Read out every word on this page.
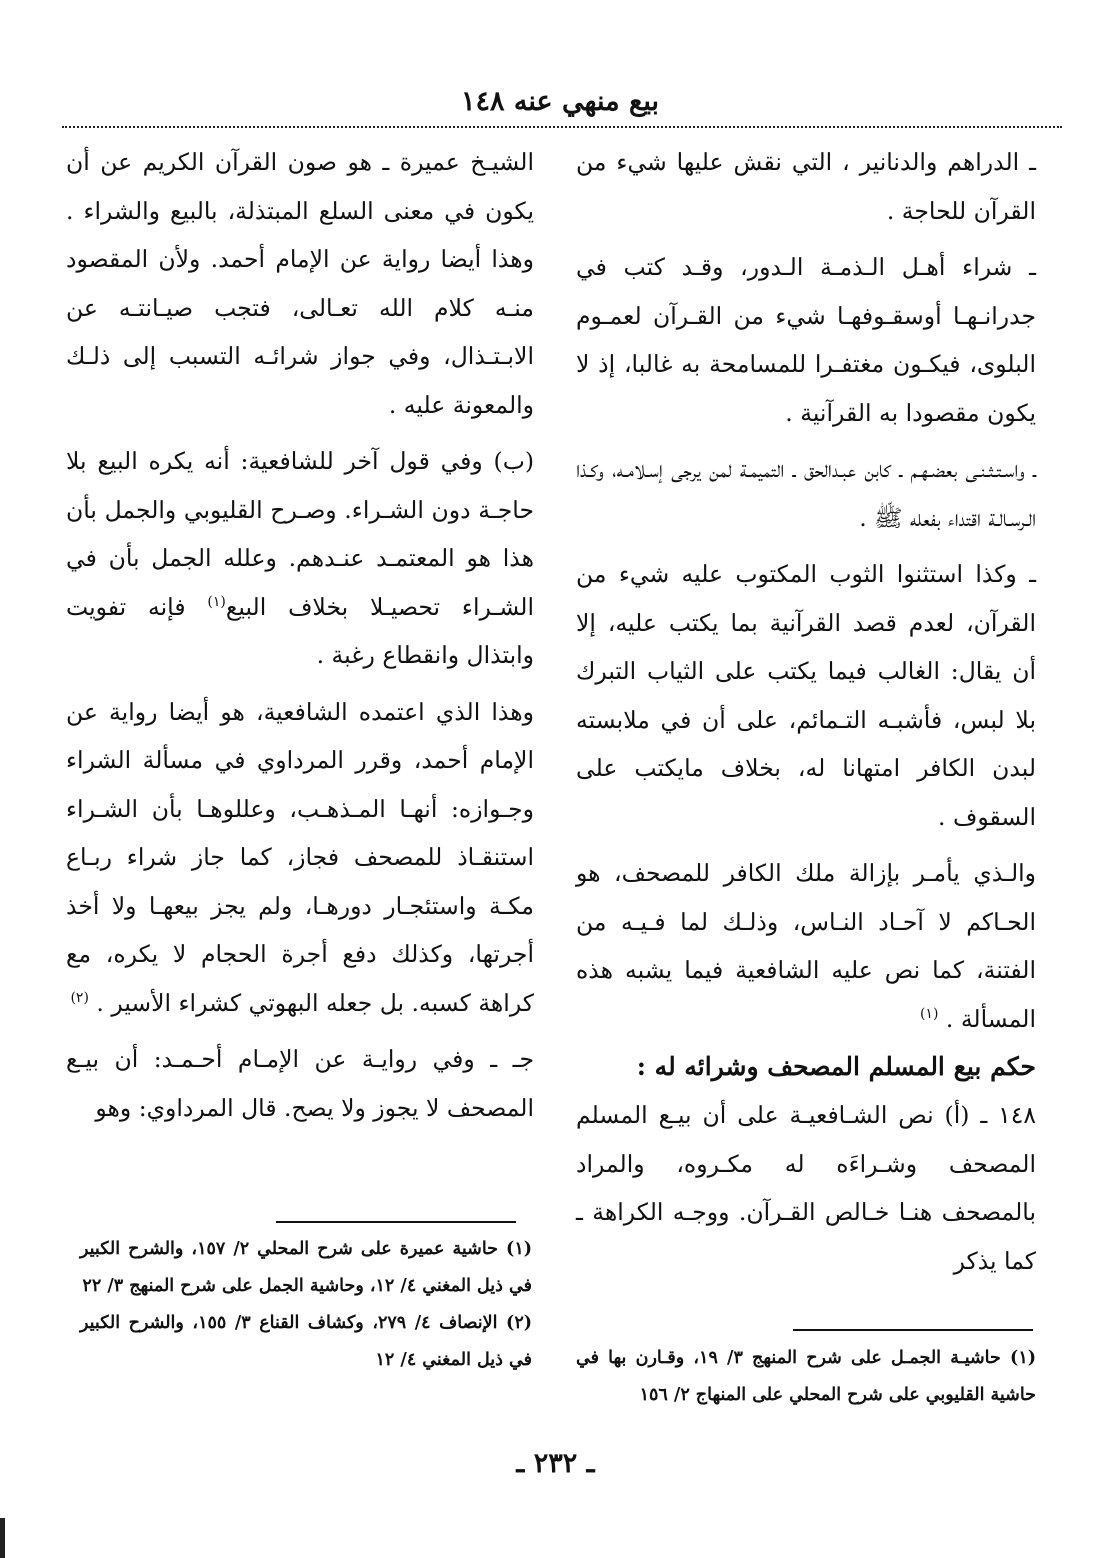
بيع منهي عنه ١٤٨

ـ الدراهم والدنانير ، التي نقش عليها شيء من القرآن للحاجة .

ـ شراء أهـل الـذمـة الـدور، وقـد كتب في جدرانـهـا أوسقـوفهـا شيء من القـرآن لعمـوم البلوى، فيكـون مغتفـرا للمسامحة به غالبا، إذ لا يكون مقصودا به القرآنية .

ـ واسـتـثـنـى بعضـهـم ـ كابن عبـدالحق ـ التميمـة لمن يرجى إسـلامـه، وكـذا الـرسـالـة اقتداء بفعله ﷺ .

ـ وكذا استثنوا الثوب المكتوب عليه شيء من القرآن، لعدم قصد القرآنية بما يكتب عليه، إلا أن يقال: الغالب فيما يكتب على الثياب التبرك بلا لبس، فأشبـه التـمائم، على أن في ملابسته لبدن الكافر امتهانا له، بخلاف مايكتب على السقوف .

والـذي يأمـر بإزالة ملك الكافر للمصحف، هو الحـاكم لا آحـاد النـاس، وذلـك لما فـيـه من الفتنة، كما نص عليه الشافعية فيما يشبه هذه المسألة . $^{(١)}$

حكم بيع المسلم المصحف وشرائه له :

١٤٨ ـ (أ) نص الشـافعيـة على أن بيـع المسلم المصحف وشـراءَه له مكـروه، والمراد بالمصحف هنـا خـالص القـرآن. ووجـه الكراهة ـ كما يذكر

الشيـخ عميرة ـ هو صون القرآن الكريم عن أن يكون في معنى السلع المبتذلة، بالبيع والشراء . وهذا أيضا رواية عن الإمام أحمد. ولأن المقصود منـه كلام الله تعـالى، فتجب صيـانتـه عن الابـتـذال، وفي جواز شرائـه التسبب إلى ذلـك والمعونة عليه .

(ب) وفي قول آخر للشافعية: أنه يكره البيع بلا حاجـة دون الشـراء. وصـرح القليوبي والجمل بأن هذا هو المعتمـد عنـدهم. وعلله الجمل بأن في الشـراء تحصيـلا بخلاف البيع$^{(١)}$ فإنه تفويت وابتذال وانقطاع رغبة .

وهذا الذي اعتمده الشافعية، هو أيضا رواية عن الإمام أحمد، وقرر المرداوي في مسألة الشراء وجـوازه: أنهـا المـذهـب، وعللوهـا بأن الشـراء استنقـاذ للمصحف فجاز، كما جاز شراء ربـاع مكـة واستئجـار دورهـا، ولم يجز بيعهـا ولا أخذ أجرتها، وكذلك دفع أجرة الحجام لا يكره، مع كراهة كسبه. بل جعله البهوتي كشراء الأسير . $^{(٢)}$

جـ ـ وفي روايـة عن الإمـام أحـمـد: أن بيـع المصحف لا يجوز ولا يصح. قال المرداوي: وهو

(١) حاشية عميرة على شرح المحلي ٢/ ١٥٧، والشرح الكبير في ذيل المغني ٤/ ١٢، وحاشية الجمل على شرح المنهج ٣/ ٢٢

(٢) الإنصاف ٤/ ٢٧٩، وكشاف القناع ٣/ ١٥٥، والشرح الكبير في ذيل المغني ٤/ ١٢	(١) حاشيـة الجمـل على شرح المنهج ٣/ ١٩، وقـارن بها في حاشية القليوبي على شرح المحلي على المنهاج ٢/ ١٥٦

ـ ٢٣٢ ـ
